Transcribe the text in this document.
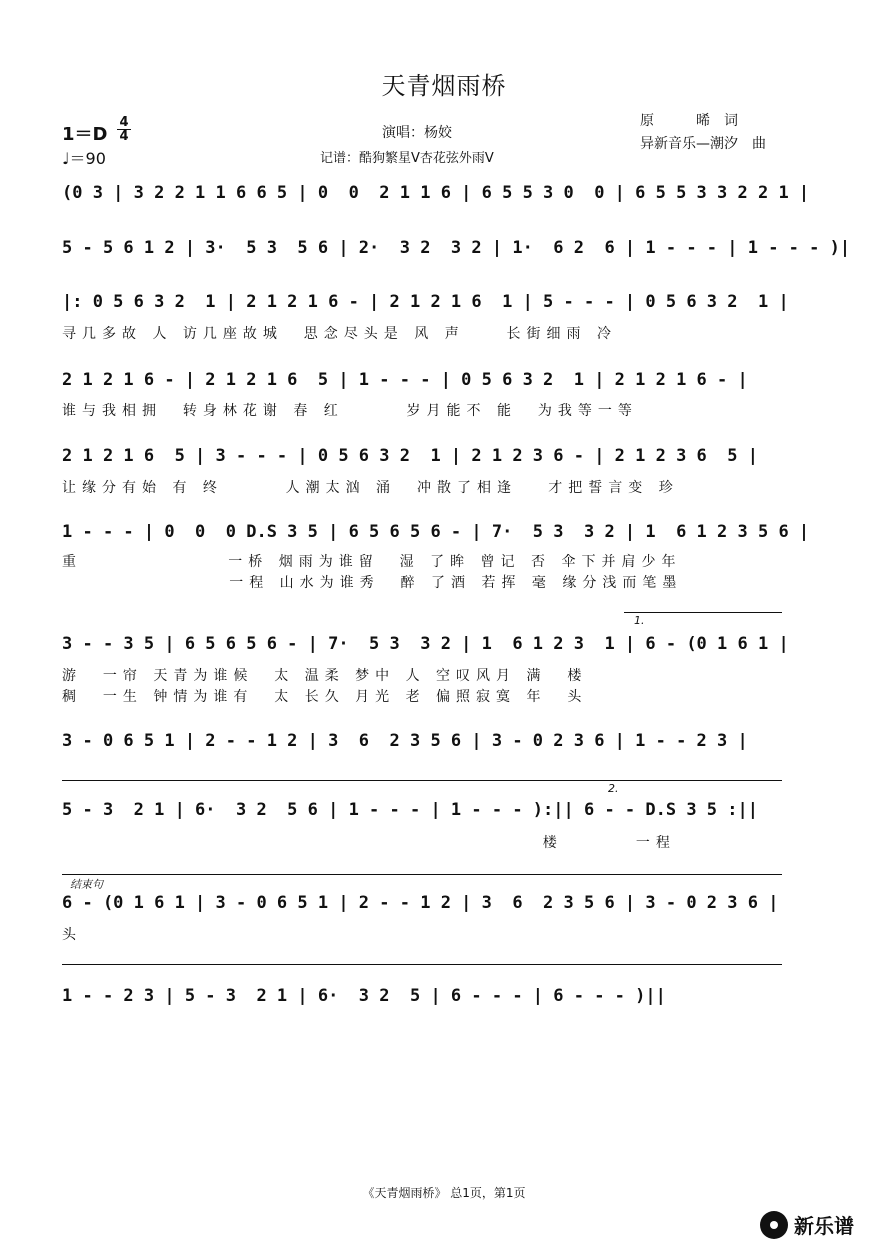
天青烟雨桥
1＝D
4
4
♩＝90
演唱：杨姣
记谱：酷狗繁星V杏花弦外雨V
原　　　晞　词
异新音乐—潮汐　曲
(0 3 | 3 2 2 1 1 6 6 5 | 0  0  2 1 1 6 | 6 5 5 3 0  0 | 6 5 5 3 3 2 2 1 |
5 - 5 6 1 2 | 3·  5 3  5 6 | 2·  3 2  3 2 | 1·  6 2  6 | 1 - - - | 1 - - - )|
|: 0 5 6 3 2  1 | 2 1 2 1 6 - | 2 1 2 1 6  1 | 5 - - - | 0 5 6 3 2  1 |
寻几多故 人 访几座故城  思念尽头是 风 声    长街细雨 冷
2 1 2 1 6 - | 2 1 2 1 6  5 | 1 - - - | 0 5 6 3 2  1 | 2 1 2 1 6 - |
谁与我相拥  转身林花谢 春 红      岁月能不 能  为我等一等
2 1 2 1 6  5 | 3 - - - | 0 5 6 3 2  1 | 2 1 2 3 6 - | 2 1 2 3 6  5 |
让缘分有始 有 终      人潮太汹 涌  冲散了相逢   才把誓言变 珍
1 - - - | 0  0  0 D.S 3 5 | 6 5 6 5 6 - | 7·  5 3  3 2 | 1  6 1 2 3 5 6 |
重              一桥 烟雨为谁留  湿 了眸 曾记 否 伞下并肩少年
一程 山水为谁秀  醉 了酒 若挥 毫 缘分浅而笔墨
1.
3 - - 3 5 | 6 5 6 5 6 - | 7·  5 3  3 2 | 1  6 1 2 3  1 | 6 - (0 1 6 1 |
游  一帘 天青为谁候  太 温柔 梦中 人 空叹风月 满  楼
稠  一生 钟情为谁有  太 长久 月光 老 偏照寂寞 年  头
3 - 0 6 5 1 | 2 - - 1 2 | 3  6  2 3 5 6 | 3 - 0 2 3 6 | 1 - - 2 3 |
2.
5 - 3  2 1 | 6·  3 2  5 6 | 1 - - - | 1 - - - ):|| 6 - - D.S 3 5 :||
楼       一程
结束句
6 - (0 1 6 1 | 3 - 0 6 5 1 | 2 - - 1 2 | 3  6  2 3 5 6 | 3 - 0 2 3 6 |
头
1 - - 2 3 | 5 - 3  2 1 | 6·  3 2  5 | 6 - - - | 6 - - - )||
《天青烟雨桥》 总1页，第1页
新乐谱
